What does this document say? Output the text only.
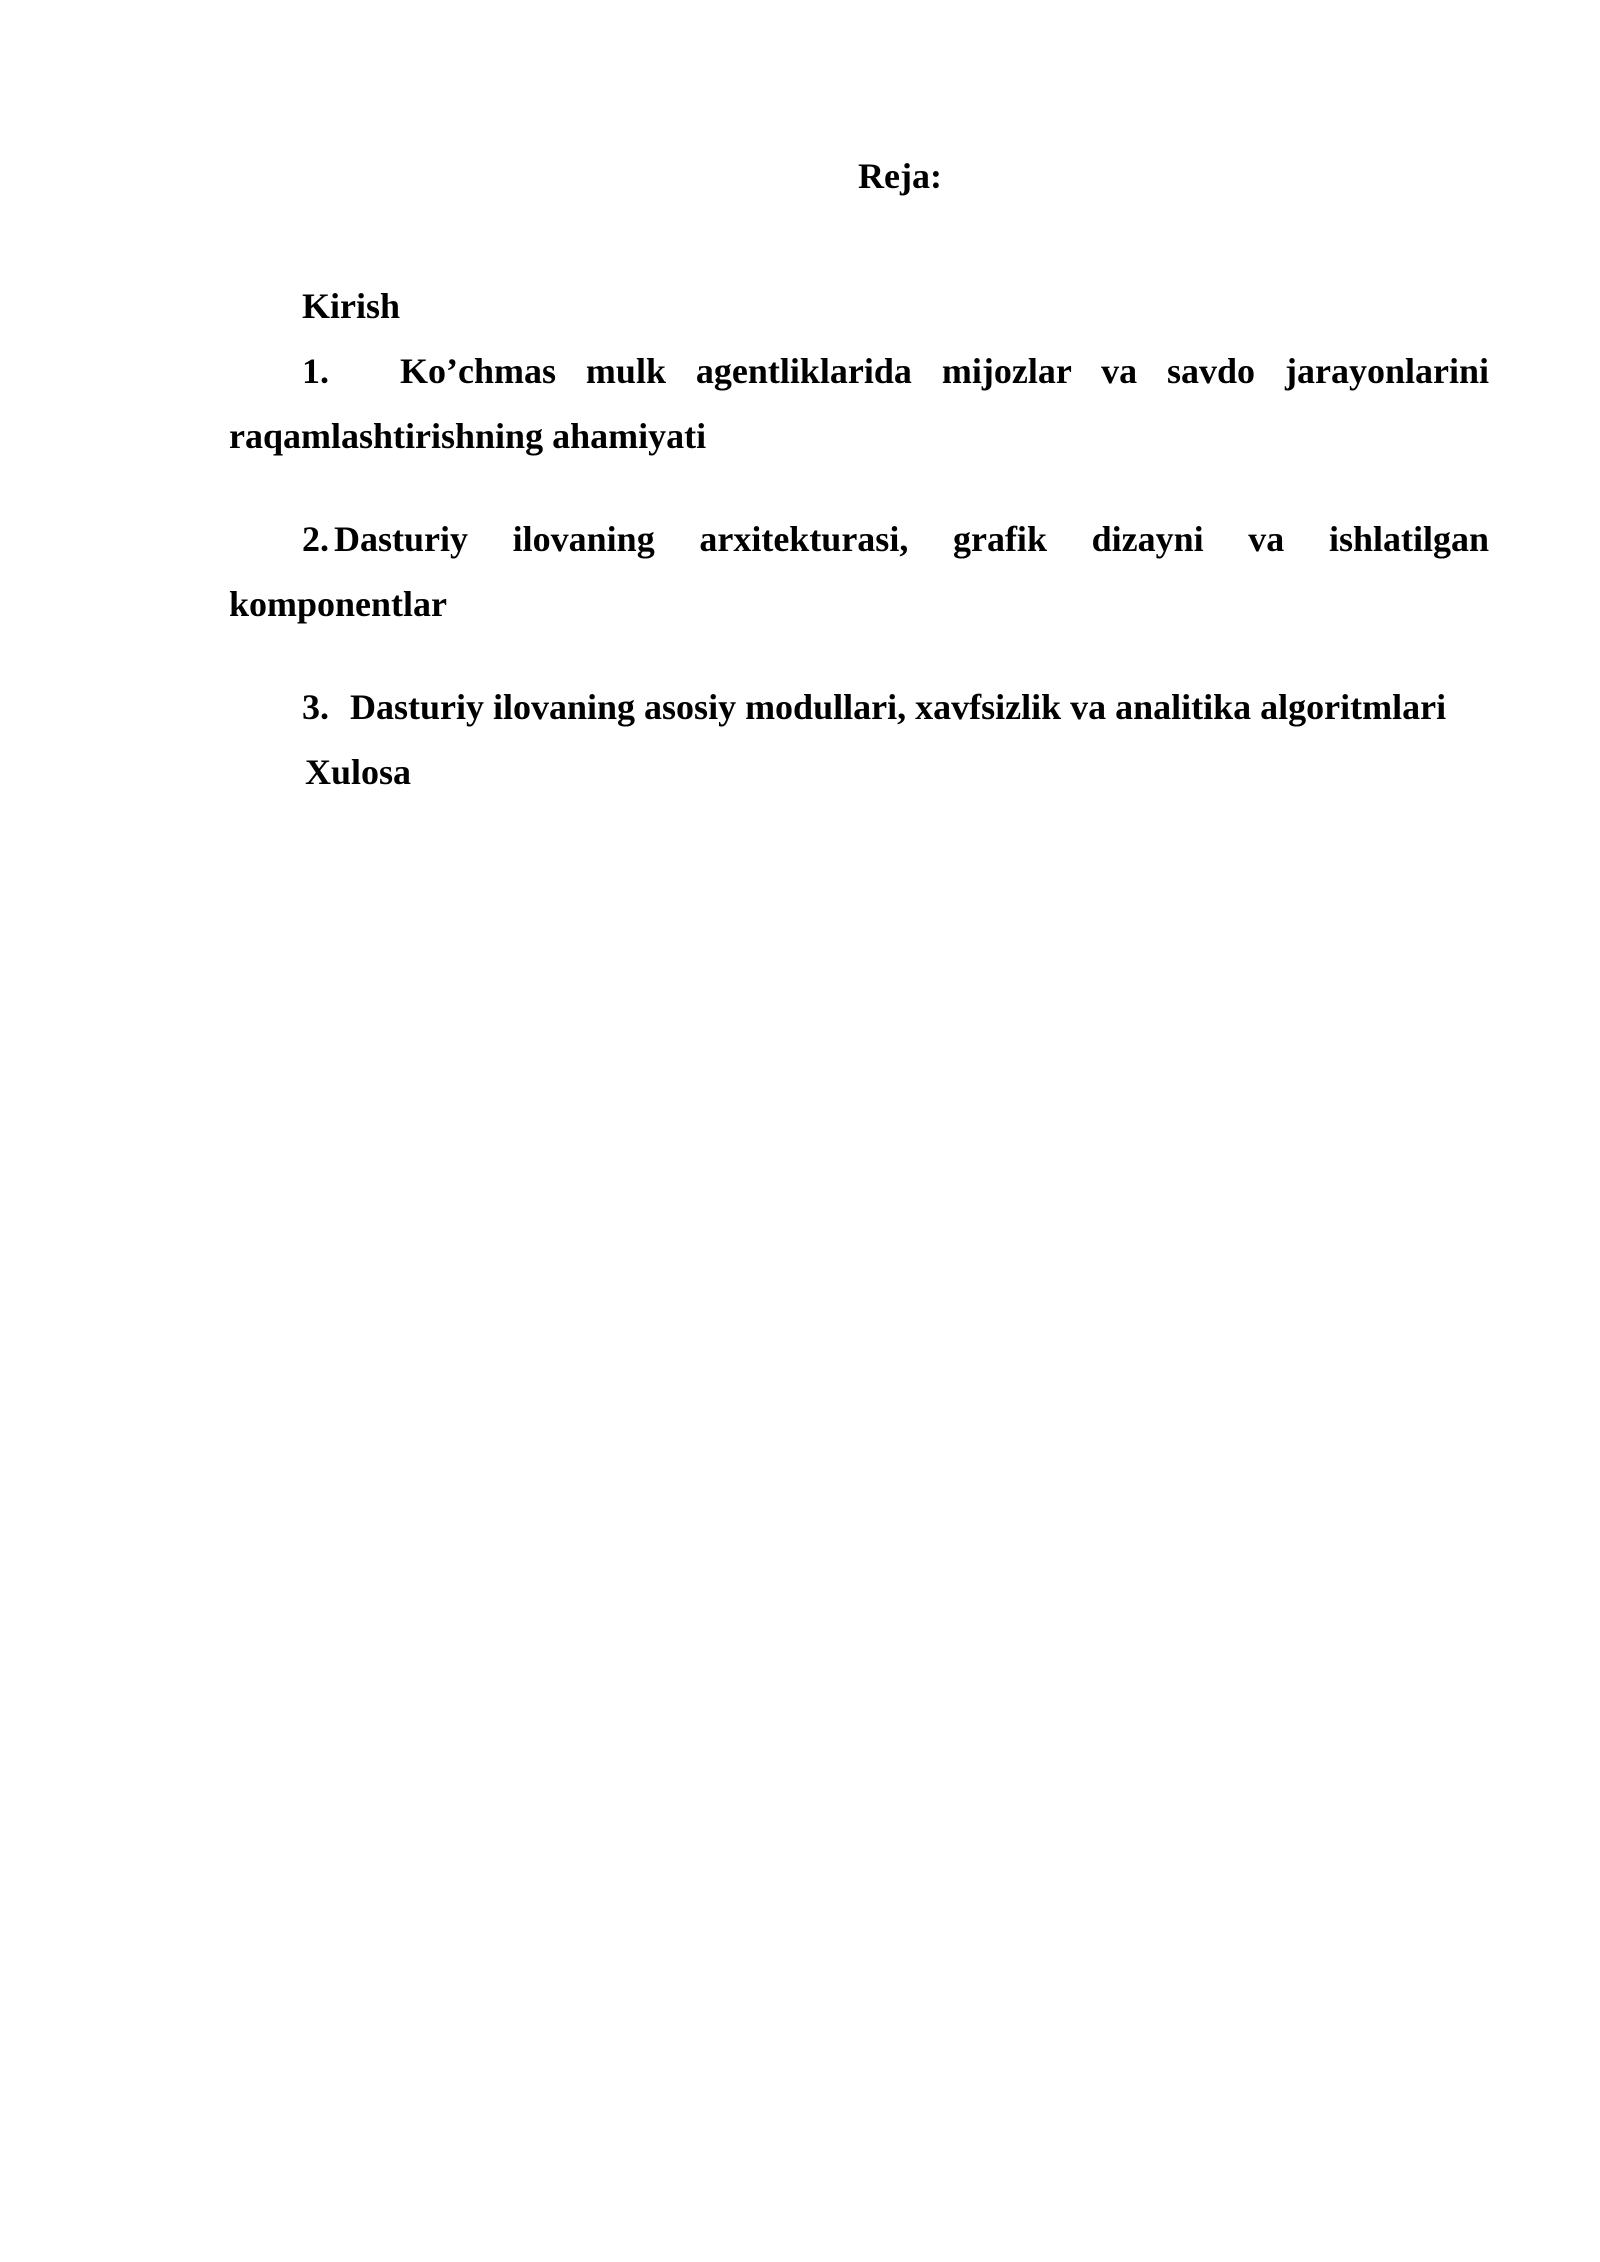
Reja:
Kirish
1. Ko’chmas mulk agentliklarida mijozlar va savdo jarayonlarini
raqamlashtirishning ahamiyati
2. Dasturiy ilovaning arxitekturasi, grafik dizayni va ishlatilgan
komponentlar
3. Dasturiy ilovaning asosiy modullari, xavfsizlik va analitika algoritmlari
Xulosa
